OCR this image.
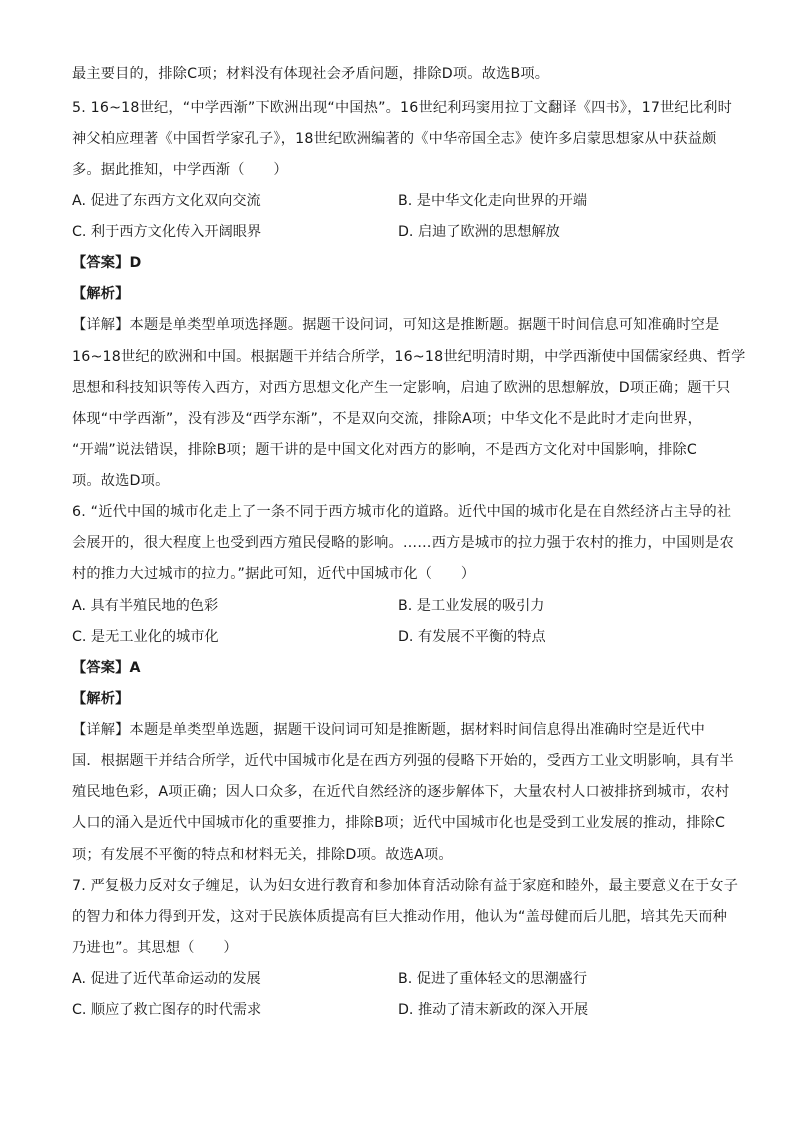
最主要目的，排除C项；材料没有体现社会矛盾问题，排除D项。故选B项。
5. 16~18世纪，“中学西渐”下欧洲出现“中国热”。16世纪利玛窦用拉丁文翻译《四书》，17世纪比利时
神父柏应理著《中国哲学家孔子》，18世纪欧洲编著的《中华帝国全志》使许多启蒙思想家从中获益颇
多。据此推知，中学西渐（　　）
A. 促进了东西方文化双向交流	B. 是中华文化走向世界的开端
C. 利于西方文化传入开阔眼界	D. 启迪了欧洲的思想解放
【答案】D
【解析】
【详解】本题是单类型单项选择题。据题干设问词，可知这是推断题。据题干时间信息可知准确时空是
16~18世纪的欧洲和中国。根据题干并结合所学，16~18世纪明清时期，中学西渐使中国儒家经典、哲学
思想和科技知识等传入西方，对西方思想文化产生一定影响，启迪了欧洲的思想解放，D项正确；题干只
体现“中学西渐”，没有涉及“西学东渐”，不是双向交流，排除A项；中华文化不是此时才走向世界，
“开端”说法错误，排除B项；题干讲的是中国文化对西方的影响，不是西方文化对中国影响，排除C
项。故选D项。
6. “近代中国的城市化走上了一条不同于西方城市化的道路。近代中国的城市化是在自然经济占主导的社
会展开的，很大程度上也受到西方殖民侵略的影响。……西方是城市的拉力强于农村的推力，中国则是农
村的推力大过城市的拉力。”据此可知，近代中国城市化（　　）
A. 具有半殖民地的色彩	B. 是工业发展的吸引力
C. 是无工业化的城市化	D. 有发展不平衡的特点
【答案】A
【解析】
【详解】本题是单类型单选题，据题干设问词可知是推断题，据材料时间信息得出准确时空是近代中
国．根据题干并结合所学，近代中国城市化是在西方列强的侵略下开始的，受西方工业文明影响，具有半
殖民地色彩，A项正确；因人口众多，在近代自然经济的逐步解体下，大量农村人口被排挤到城市，农村
人口的涌入是近代中国城市化的重要推力，排除B项；近代中国城市化也是受到工业发展的推动，排除C
项；有发展不平衡的特点和材料无关，排除D项。故选A项。
7. 严复极力反对女子缠足，认为妇女进行教育和参加体育活动除有益于家庭和睦外，最主要意义在于女子
的智力和体力得到开发，这对于民族体质提高有巨大推动作用，他认为“盖母健而后儿肥，培其先天而种
乃进也”。其思想（　　）
A. 促进了近代革命运动的发展	B. 促进了重体轻文的思潮盛行
C. 顺应了救亡图存的时代需求	D. 推动了清末新政的深入开展
